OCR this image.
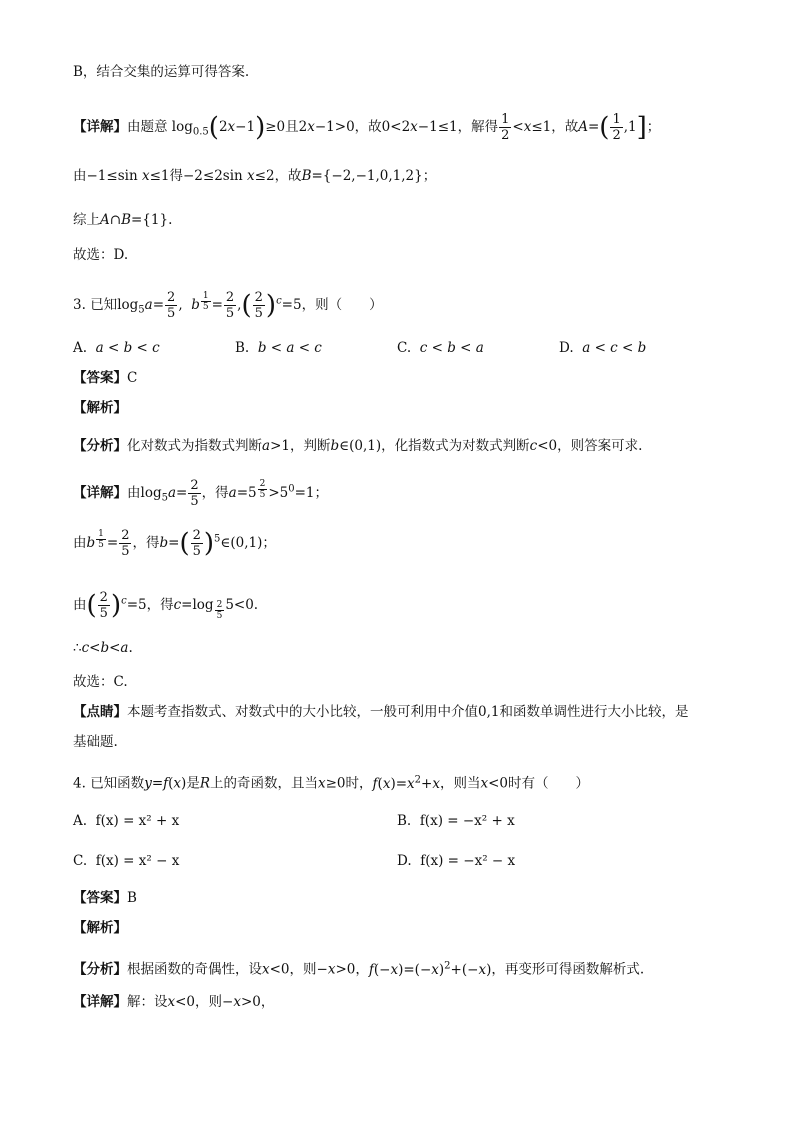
B，结合交集的运算可得答案.
【详解】由题意 $\log_{0.5}(2x-1)\ge 0$且2x−1>0，故0<2x−1≤1，解得 $\frac{1}{2} <x\le 1$，故$A=( \frac{1}{2} ,1]$；
由−1≤sin x≤1得−2≤2sin x≤2，故B={−2,−1,0,1,2}；
综上A∩B={1}.
故选：D.
3. 已知$\log_5a= \frac{2}{5}$ ,  b $^{\frac{1}{5}} = \frac{2}{5}$ ,( $\frac{2}{5} )^c=5$，则（　　）
A. a < b < c	B. b < a < c	C. c < b < a	D. a < c < b
【答案】C
【解析】
【分析】化对数式为指数式判断a>1，判断b∈(0,1)，化指数式为对数式判断c<0，则答案可求.
【详解】由$\log_5a= \frac{2}{5}$ ，得a=5 $^{\frac{2}{5}} >5^0=1$；
由b $^{\frac{1}{5}} = \frac{2}{5}$ ，得$b=( \frac{2}{5}$ )$^5\in(0,1)$；
由( $\frac{2}{5} )^c=5$，得c=log $_{\frac{2}{5}}$ 5<0.
∴c<b<a.
故选：C.
【点睛】本题考查指数式、对数式中的大小比较，一般可利用中介值0,1和函数单调性进行大小比较，是
基础题.
4. 已知函数y=f(x)是R上的奇函数，且当x≥0时，$f(x)=x^2+x$，则当x<0时有（　　）
A. f(x) = x² + x	B. f(x) = −x² + x
C. f(x) = x² − x	D. f(x) = −x² − x
【答案】B
【解析】
【分析】根据函数的奇偶性，设x<0，则−x>0，$f(-x)=(-x)^2+(-x)$，再变形可得函数解析式.
【详解】解：设x<0，则−x>0，
